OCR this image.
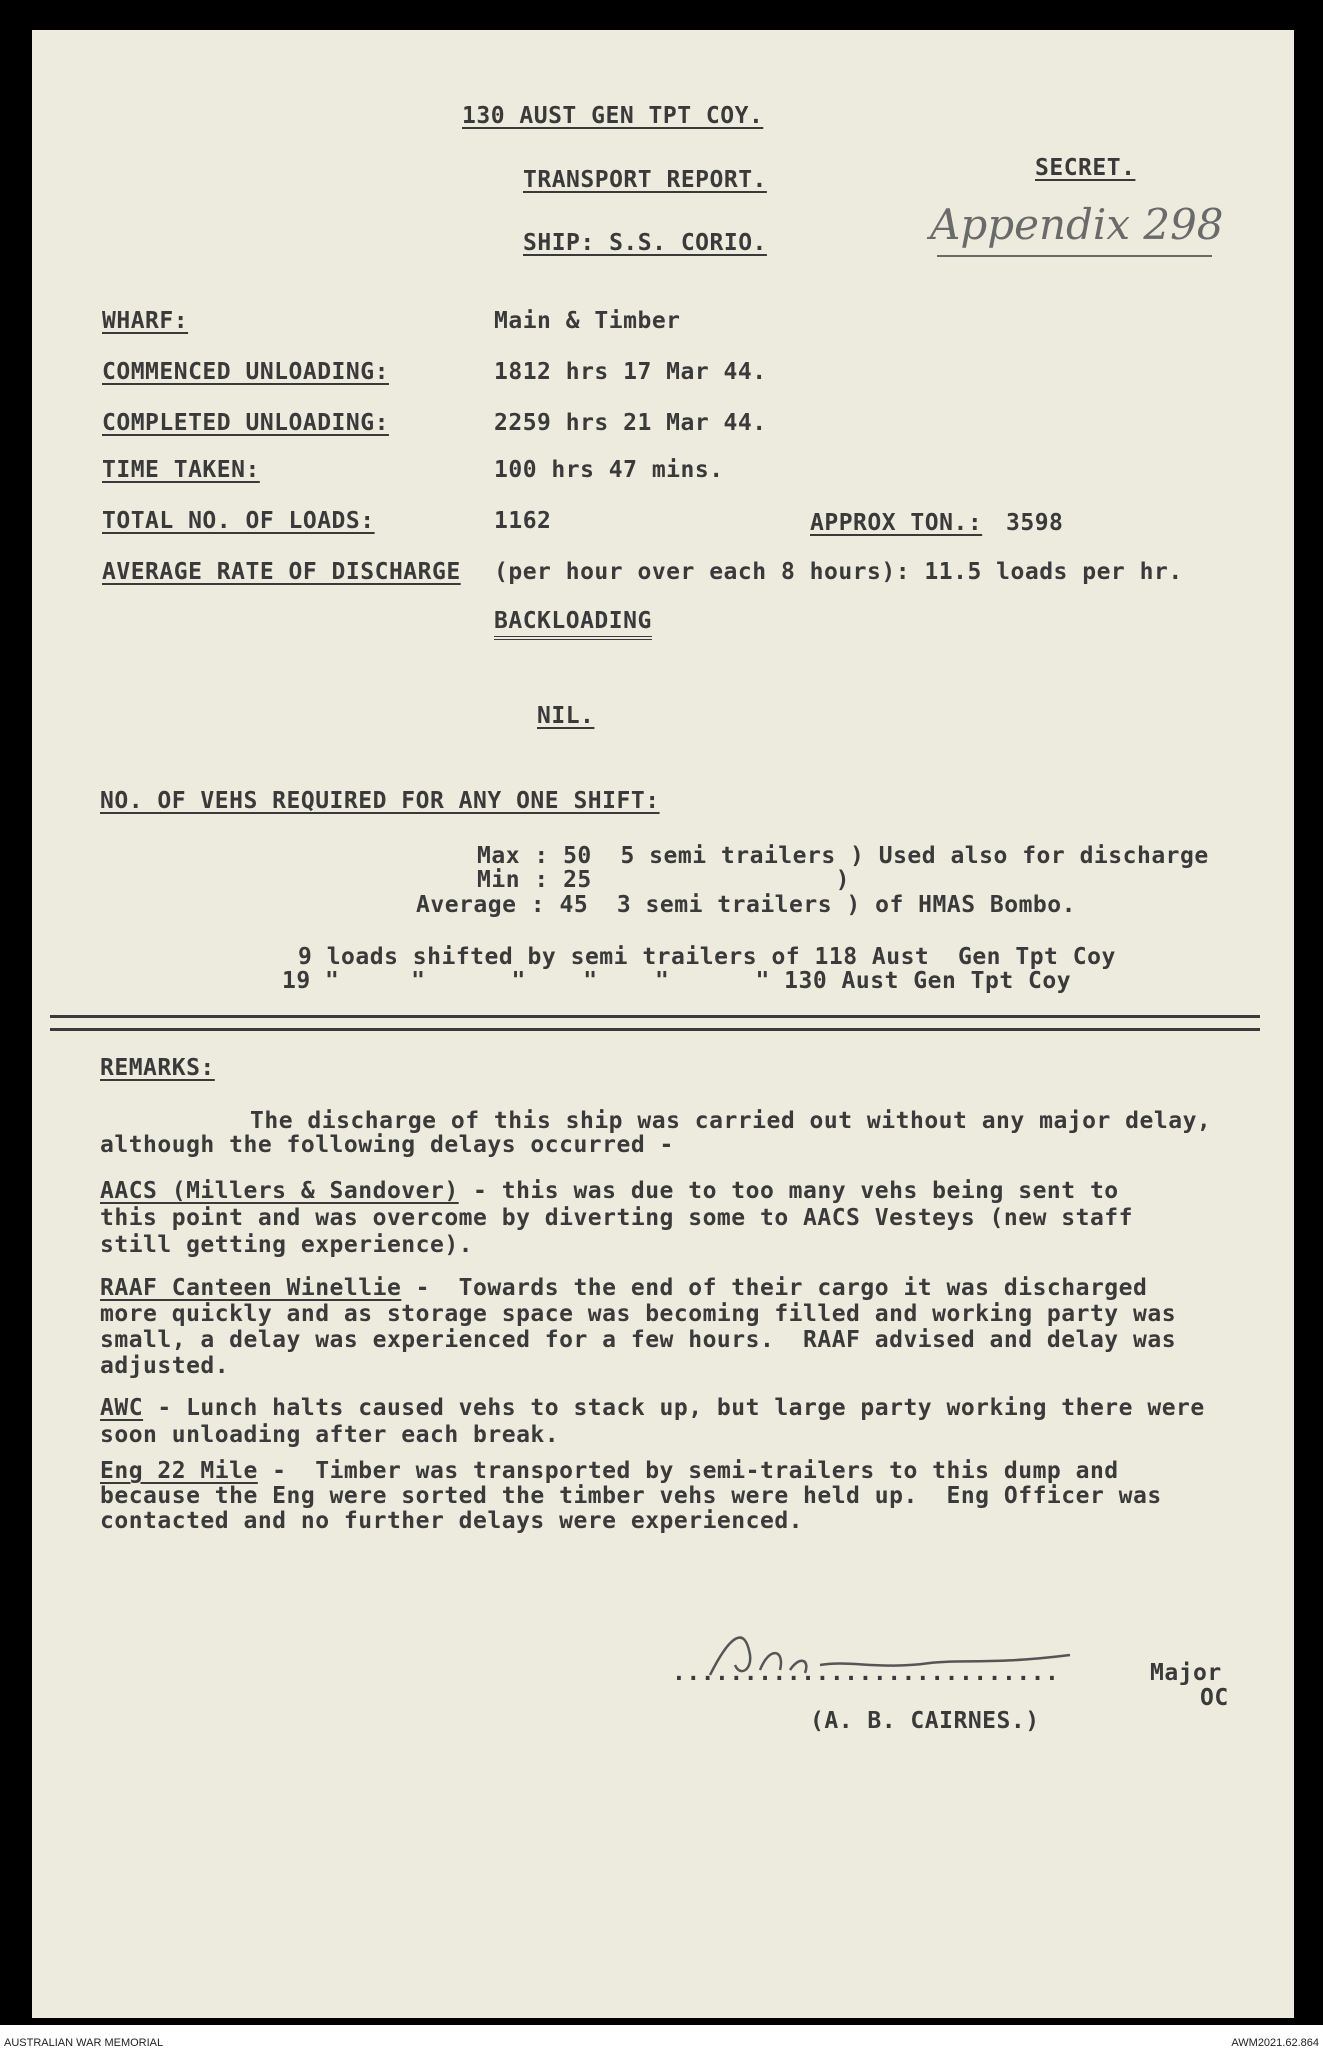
130 AUST GEN TPT COY.
TRANSPORT REPORT.	SECRET.
SHIP: S.S. CORIO.	Appendix 298
WHARF:	Main & Timber
COMMENCED UNLOADING:	1812 hrs 17 Mar 44.
COMPLETED UNLOADING:	2259 hrs 21 Mar 44.
TIME TAKEN:	100 hrs 47 mins.
TOTAL NO. OF LOADS:	1162	APPROX TON.: 3598
AVERAGE RATE OF DISCHARGE (per hour over each 8 hours): 11.5 loads per hr.
BACKLOADING
NIL.
NO. OF VEHS REQUIRED FOR ANY ONE SHIFT:
Max : 50  5 semi trailers ) Used also for discharge
Min : 25                 )
Average : 45  3 semi trailers ) of HMAS Bombo.
9 loads shifted by semi trailers of 118 Aust  Gen Tpt Coy
19 "     "      "    "    "      " 130 Aust Gen Tpt Coy
REMARKS:
The discharge of this ship was carried out without any major delay,
although the following delays occurred -
AACS (Millers & Sandover) - this was due to too many vehs being sent to
this point and was overcome by diverting some to AACS Vesteys (new staff
still getting experience).
RAAF Canteen Winellie -  Towards the end of their cargo it was discharged
more quickly and as storage space was becoming filled and working party was
small, a delay was experienced for a few hours.  RAAF advised and delay was
adjusted.
AWC - Lunch halts caused vehs to stack up, but large party working there were
soon unloading after each break.
Eng 22 Mile -  Timber was transported by semi-trailers to this dump and
because the Eng were sorted the timber vehs were held up.  Eng Officer was
contacted and no further delays were experienced.
...........................	Major
OC
(A. B. CAIRNES.)
AUSTRALIAN WAR MEMORIAL	AWM2021.62.864
